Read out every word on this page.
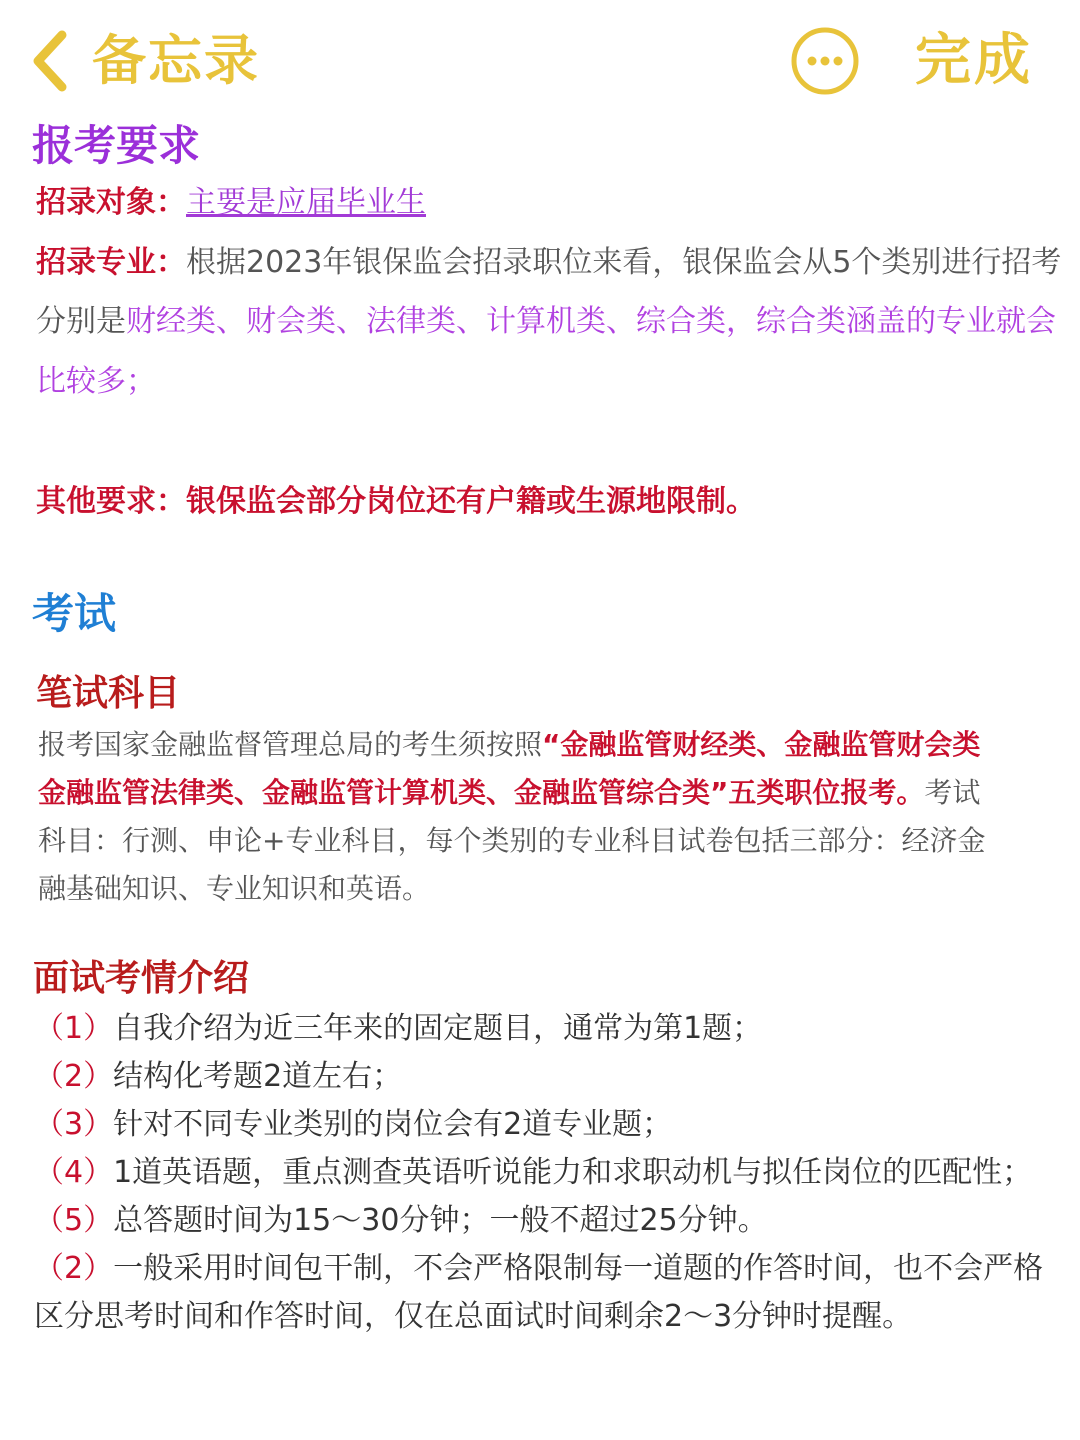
备忘录	完成
报考要求
招录对象：主要是应届毕业生
招录专业：根据2023年银保监会招录职位来看，银保监会从5个类别进行招考
分别是财经类、财会类、法律类、计算机类、综合类，综合类涵盖的专业就会
比较多；
其他要求：银保监会部分岗位还有户籍或生源地限制。
考试
笔试科目
报考国家金融监督管理总局的考生须按照“金融监管财经类、金融监管财会类
金融监管法律类、金融监管计算机类、金融监管综合类”五类职位报考。考试
科目：行测、申论+专业科目，每个类别的专业科目试卷包括三部分：经济金
融基础知识、专业知识和英语。
面试考情介绍
（1）自我介绍为近三年来的固定题目，通常为第1题；
（2）结构化考题2道左右；
（3）针对不同专业类别的岗位会有2道专业题；
（4）1道英语题，重点测查英语听说能力和求职动机与拟任岗位的匹配性；
（5）总答题时间为15～30分钟；一般不超过25分钟。
（2）一般采用时间包干制，不会严格限制每一道题的作答时间，也不会严格
区分思考时间和作答时间，仅在总面试时间剩余2～3分钟时提醒。
